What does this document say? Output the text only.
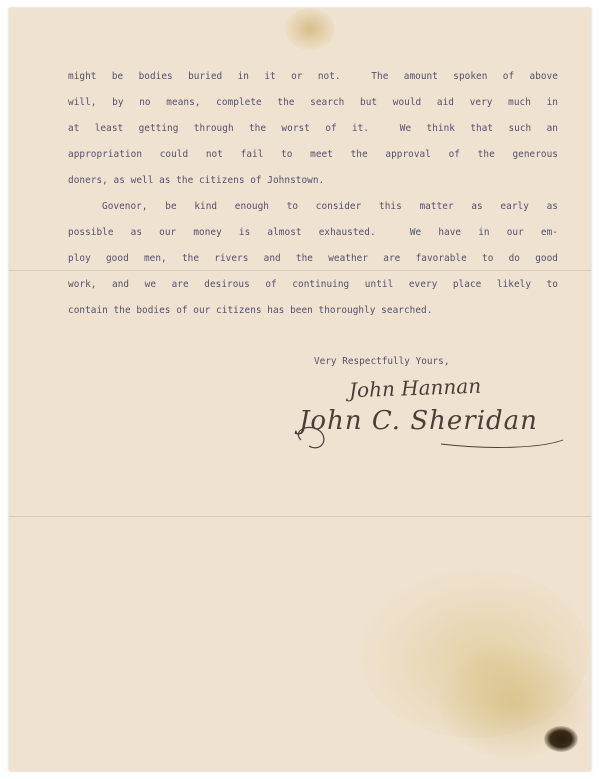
might be bodies buried in it or not.  The amount spoken of above
will, by no means, complete the search but would aid very much in
at least getting through the worst of it.  We think that such an
appropriation could not fail to meet the approval of the generous
doners, as well as the citizens of Johnstown.
Govenor, be kind enough to consider this matter as early as
possible as our money is almost exhausted.  We have in our em-
ploy good men, the rivers and the weather are favorable to do good
work, and we are desirous of continuing until every place likely to
contain the bodies of our citizens has been thoroughly searched.
Very Respectfully Yours,
John Hannan
John C. Sheridan
